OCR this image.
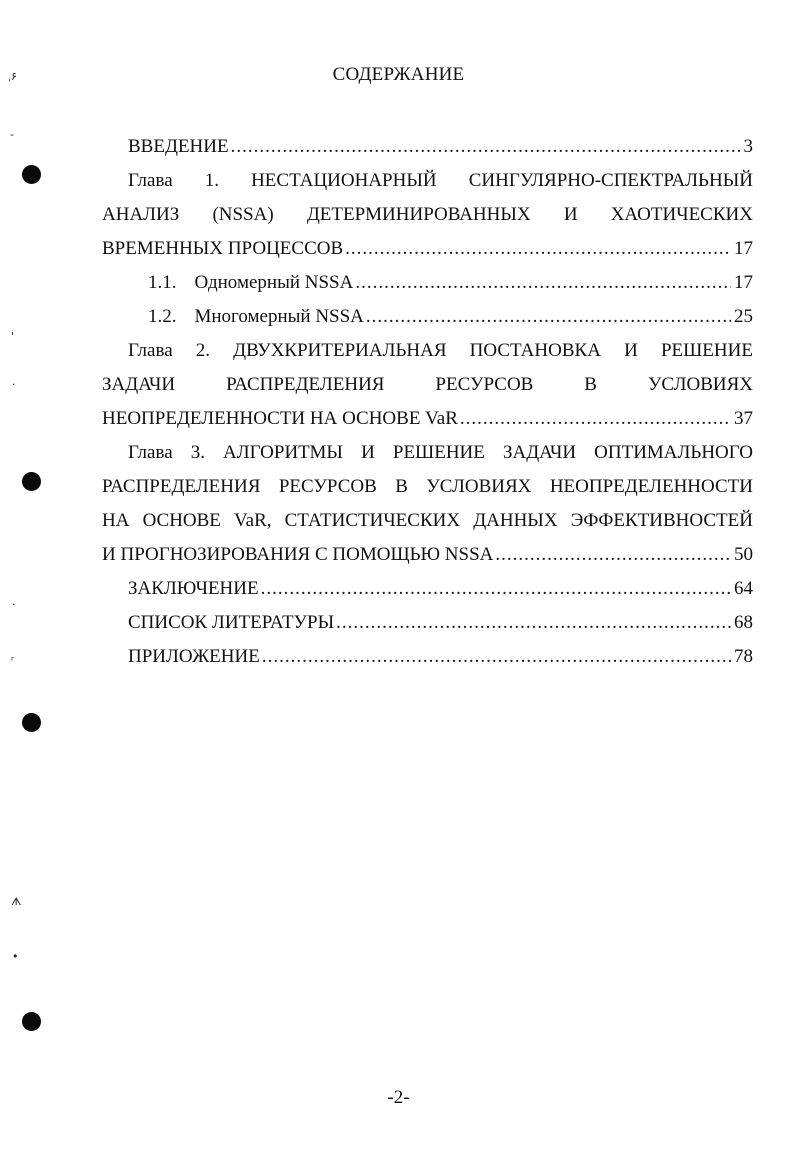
ˌ۶
-
'
·
·
ʳ
ᗑ
•
СОДЕРЖАНИЕ
ВВЕДЕНИЕ .....	3
Глава 1. НЕСТАЦИОНАРНЫЙ СИНГУЛЯРНО-СПЕКТРАЛЬНЫЙ
АНАЛИЗ (NSSA) ДЕТЕРМИНИРОВАННЫХ И ХАОТИЧЕСКИХ
ВРЕМЕННЫХ ПРОЦЕССОВ .....	17
1.1. Одномерный NSSA .....	17
1.2. Многомерный NSSA .....	25
Глава 2. ДВУХКРИТЕРИАЛЬНАЯ ПОСТАНОВКА И РЕШЕНИЕ
ЗАДАЧИ	РАСПРЕДЕЛЕНИЯ	РЕСУРСОВ	В	УСЛОВИЯХ
НЕОПРЕДЕЛЕННОСТИ НА ОСНОВЕ VaR .....	37
Глава 3. АЛГОРИТМЫ И РЕШЕНИЕ ЗАДАЧИ ОПТИМАЛЬНОГО
РАСПРЕДЕЛЕНИЯ РЕСУРСОВ В УСЛОВИЯХ НЕОПРЕДЕЛЕННОСТИ
НА ОСНОВЕ VaR, СТАТИСТИЧЕСКИХ ДАННЫХ ЭФФЕКТИВНОСТЕЙ
И ПРОГНОЗИРОВАНИЯ С ПОМОЩЬЮ NSSA .....	50
ЗАКЛЮЧЕНИЕ .....	64
СПИСОК ЛИТЕРАТУРЫ .....	68
ПРИЛОЖЕНИЕ .....	78
-2-
